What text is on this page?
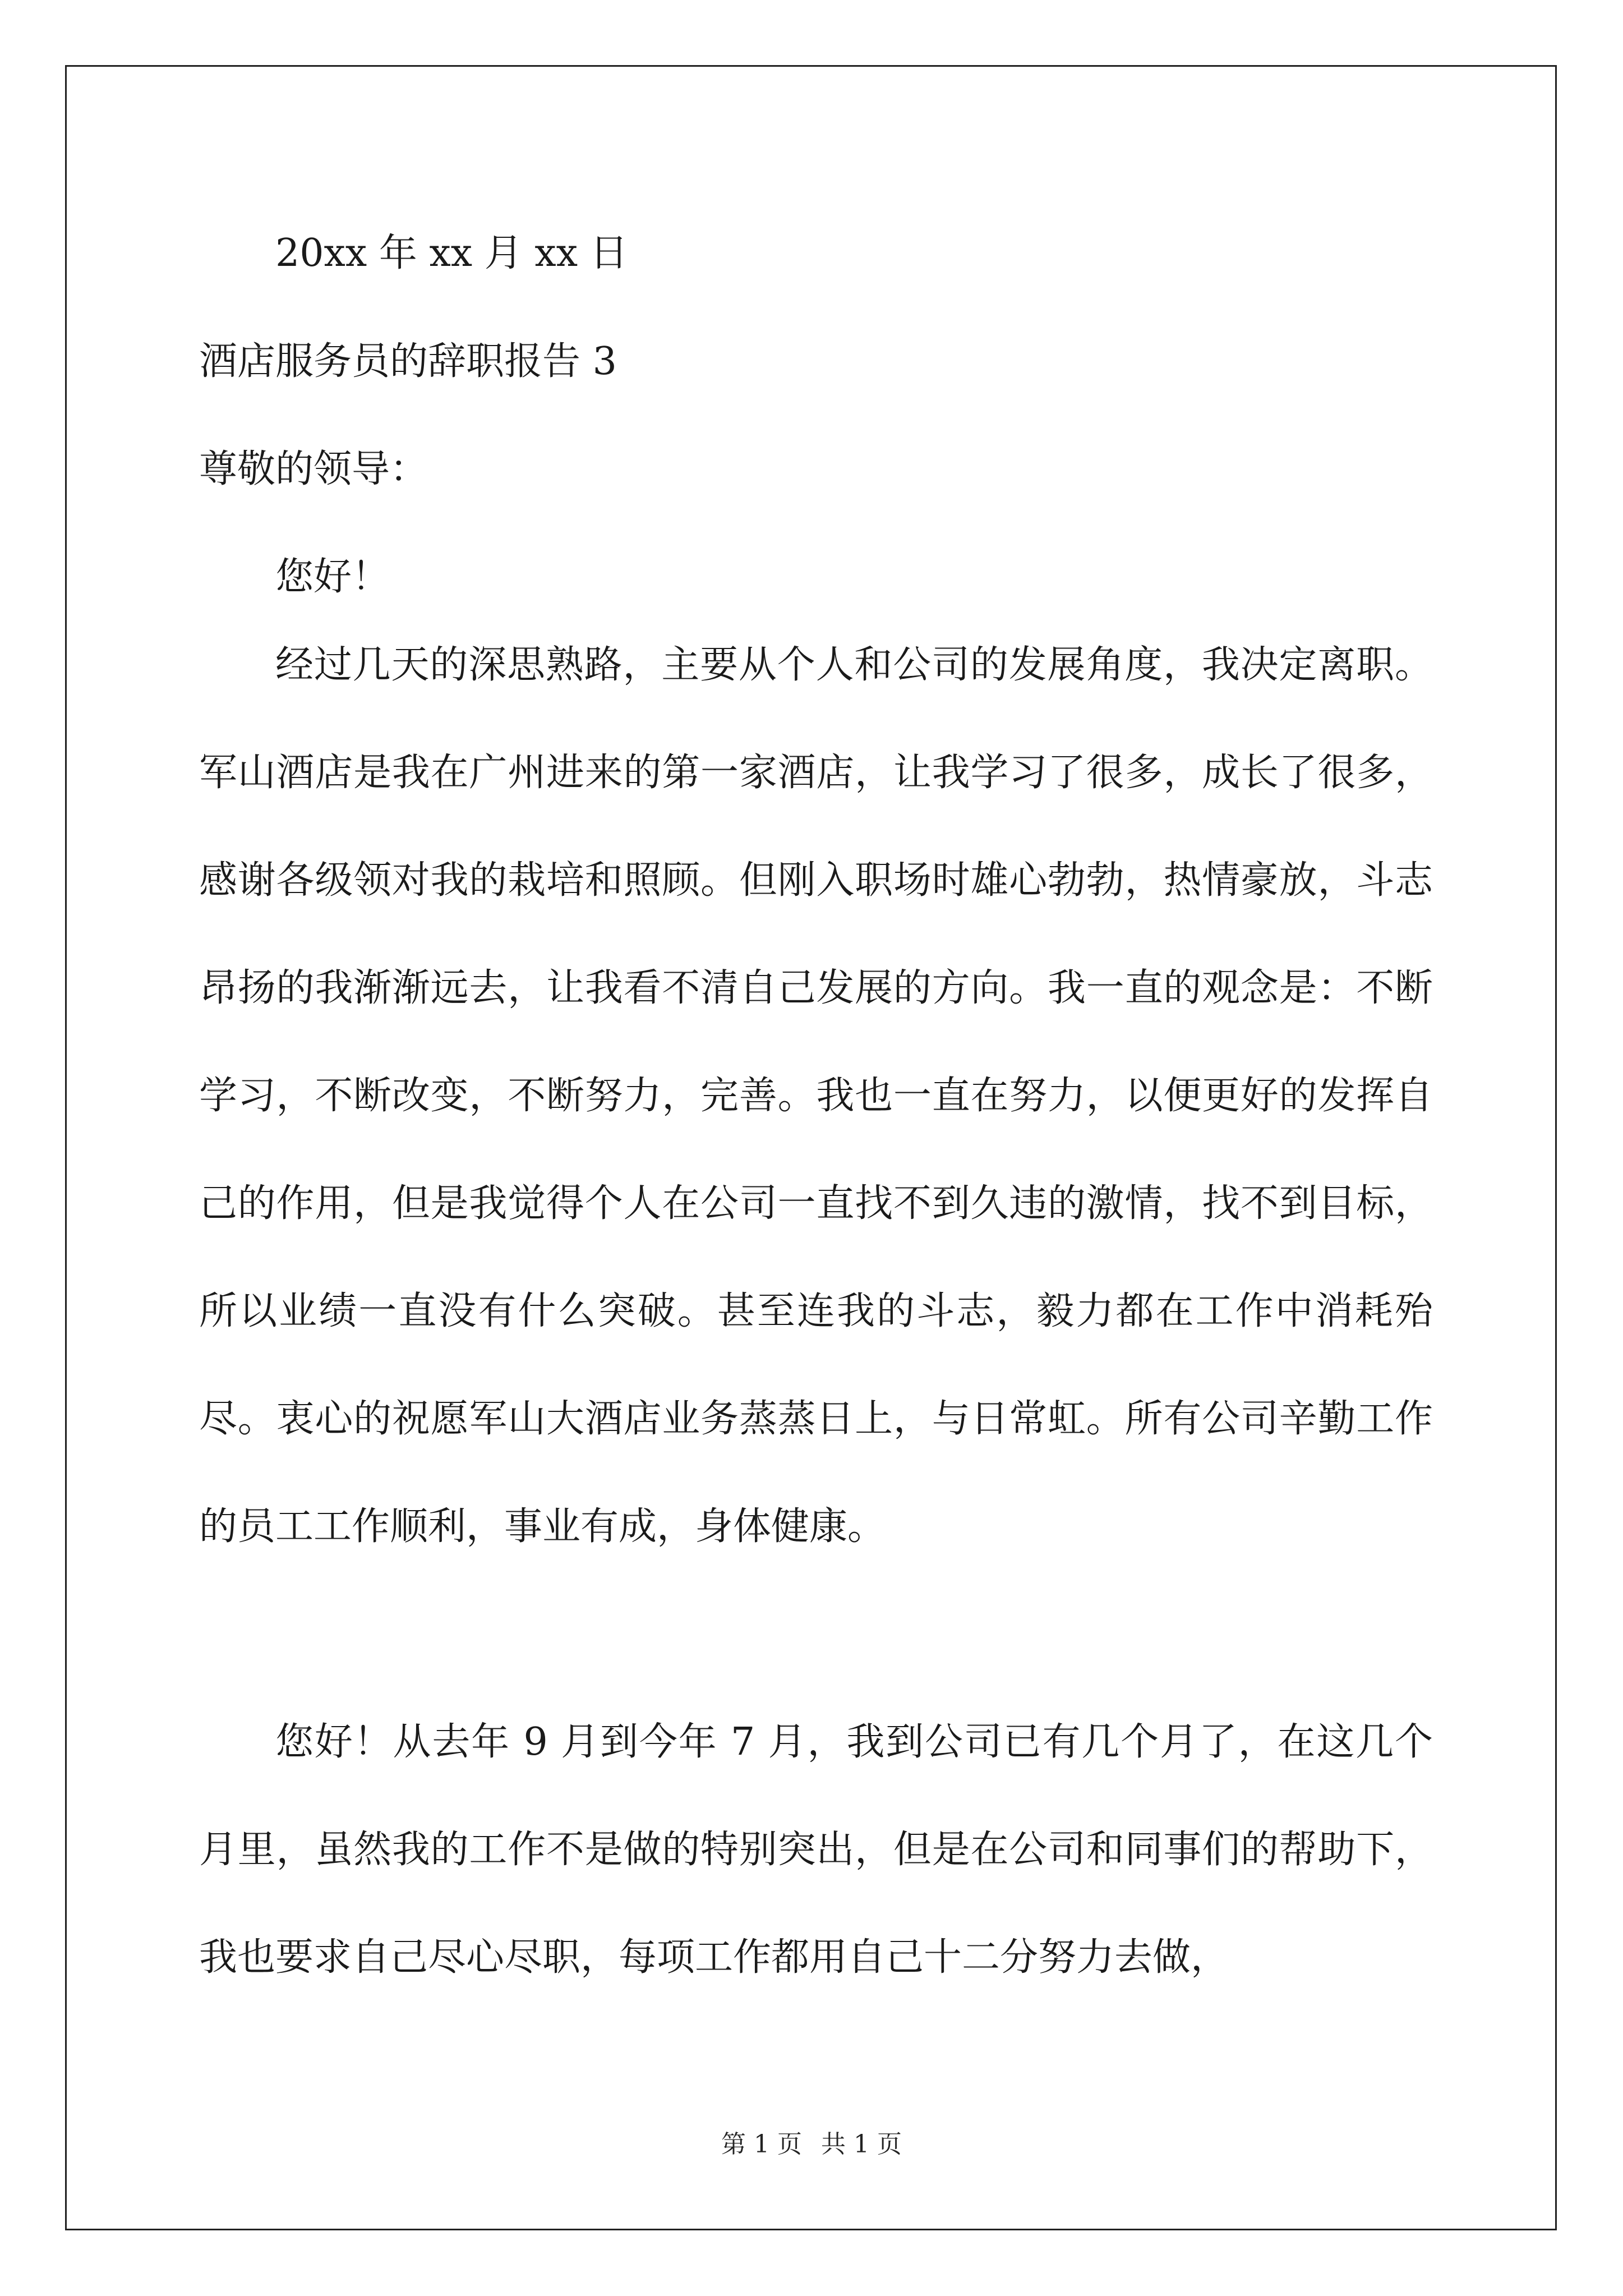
20xx 年 xx 月 xx 日
酒店服务员的辞职报告 3
尊敬的领导：
您好！

经过几天的深思熟路，主要从个人和公司的发展角度，我决定离职。军山酒店是我在广州进来的第一家酒店，让我学习了很多，成长了很多，感谢各级领对我的栽培和照顾。但刚入职场时雄心勃勃，热情豪放，斗志昂扬的我渐渐远去，让我看不清自己发展的方向。我一直的观念是：不断学习，不断改变，不断努力，完善。我也一直在努力，以便更好的发挥自己的作用，但是我觉得个人在公司一直找不到久违的激情，找不到目标，所以业绩一直没有什么突破。甚至连我的斗志，毅力都在工作中消耗殆尽。衷心的祝愿军山大酒店业务蒸蒸日上，与日常虹。所有公司辛勤工作的员工工作顺利，事业有成，身体健康。

您好！从去年 9 月到今年 7 月，我到公司已有几个月了，在这几个月里，虽然我的工作不是做的特别突出，但是在公司和同事们的帮助下，我也要求自己尽心尽职，每项工作都用自己十二分努力去做，

第 1 页 共 1 页
